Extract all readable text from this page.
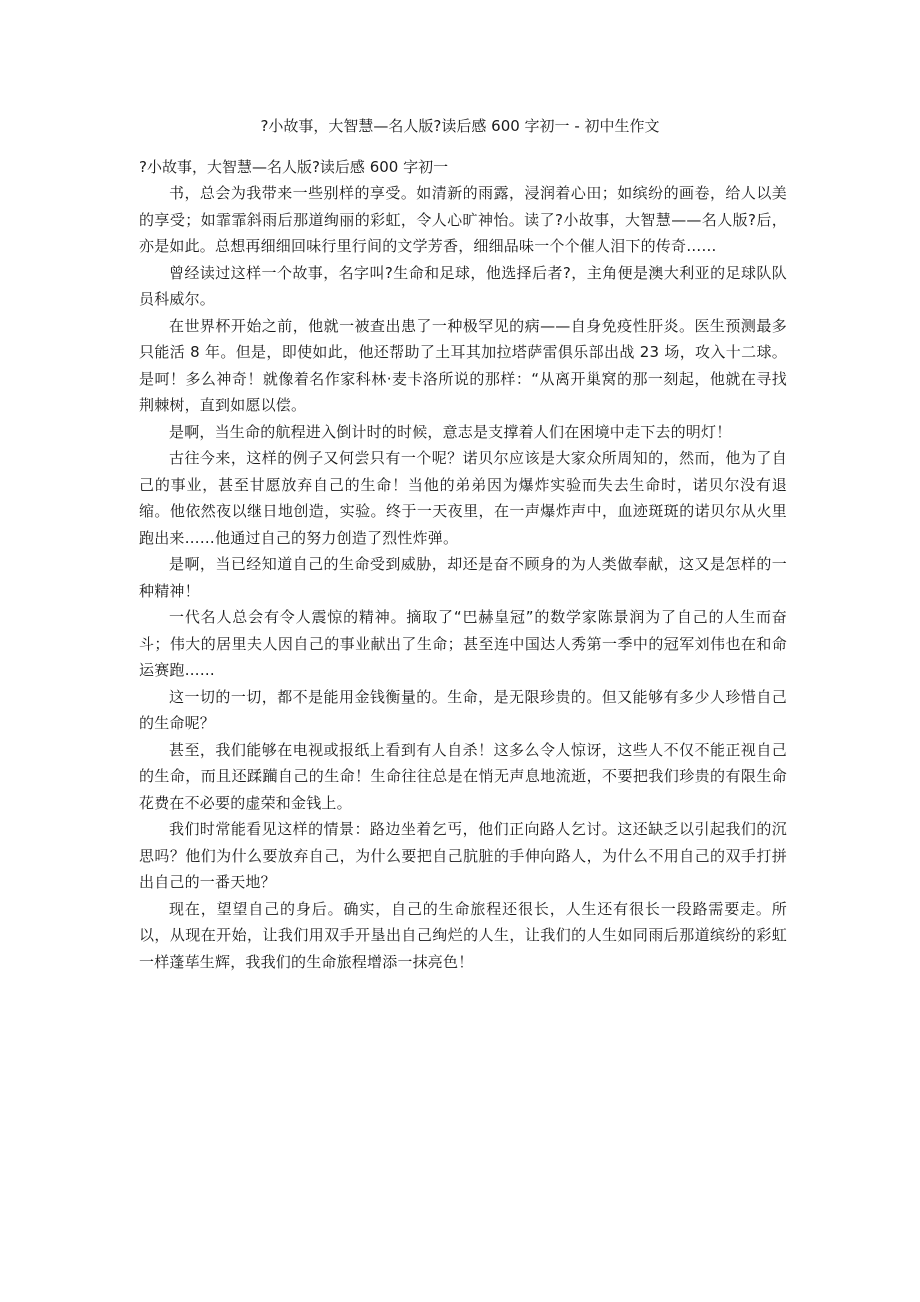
?小故事，大智慧—名人版?读后感 600 字初一 - 初中生作文

?小故事，大智慧—名人版?读后感 600 字初一

书，总会为我带来一些别样的享受。如清新的雨露，浸润着心田；如缤纷的画卷，给人以美的享受；如霏霏斜雨后那道绚丽的彩虹，令人心旷神怡。读了?小故事，大智慧——名人版?后，亦是如此。总想再细细回味行里行间的文学芳香，细细品味一个个催人泪下的传奇……

曾经读过这样一个故事，名字叫?生命和足球，他选择后者?，主角便是澳大利亚的足球队队员科威尔。

在世界杯开始之前，他就一被查出患了一种极罕见的病——自身免疫性肝炎。医生预测最多只能活 8 年。但是，即使如此，他还帮助了土耳其加拉塔萨雷俱乐部出战 23 场，攻入十二球。是呵！多么神奇！就像着名作家科林·麦卡洛所说的那样：“从离开巢窝的那一刻起，他就在寻找荆棘树，直到如愿以偿。

是啊，当生命的航程进入倒计时的时候，意志是支撑着人们在困境中走下去的明灯！

古往今来，这样的例子又何尝只有一个呢？诺贝尔应该是大家众所周知的，然而，他为了自己的事业，甚至甘愿放弃自己的生命！当他的弟弟因为爆炸实验而失去生命时，诺贝尔没有退缩。他依然夜以继日地创造，实验。终于一天夜里，在一声爆炸声中，血迹斑斑的诺贝尔从火里跑出来……他通过自己的努力创造了烈性炸弹。

是啊，当已经知道自己的生命受到威胁，却还是奋不顾身的为人类做奉献，这又是怎样的一种精神！

一代名人总会有令人震惊的精神。摘取了“巴赫皇冠”的数学家陈景润为了自己的人生而奋斗；伟大的居里夫人因自己的事业献出了生命；甚至连中国达人秀第一季中的冠军刘伟也在和命运赛跑……

这一切的一切，都不是能用金钱衡量的。生命，是无限珍贵的。但又能够有多少人珍惜自己的生命呢？

甚至，我们能够在电视或报纸上看到有人自杀！这多么令人惊讶，这些人不仅不能正视自己的生命，而且还蹂躏自己的生命！生命往往总是在悄无声息地流逝，不要把我们珍贵的有限生命花费在不必要的虚荣和金钱上。

我们时常能看见这样的情景：路边坐着乞丐，他们正向路人乞讨。这还缺乏以引起我们的沉思吗？他们为什么要放弃自己，为什么要把自己肮脏的手伸向路人，为什么不用自己的双手打拼出自己的一番天地？

现在，望望自己的身后。确实，自己的生命旅程还很长，人生还有很长一段路需要走。所以，从现在开始，让我们用双手开垦出自己绚烂的人生，让我们的人生如同雨后那道缤纷的彩虹一样蓬荜生辉，我我们的生命旅程增添一抹亮色！
